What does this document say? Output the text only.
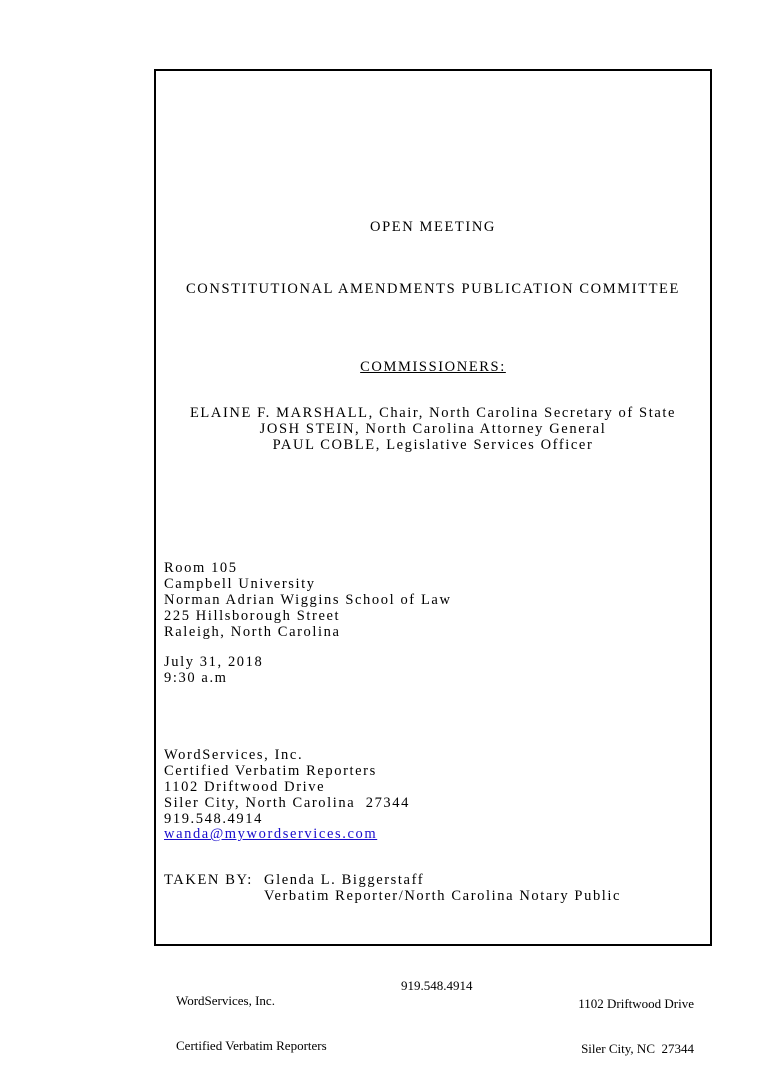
OPEN MEETING
CONSTITUTIONAL AMENDMENTS PUBLICATION COMMITTEE
COMMISSIONERS:
ELAINE F. MARSHALL, Chair, North Carolina Secretary of State
JOSH STEIN, North Carolina Attorney General
PAUL COBLE, Legislative Services Officer
Room 105
Campbell University
Norman Adrian Wiggins School of Law
225 Hillsborough Street
Raleigh, North Carolina
July 31, 2018
9:30 a.m
WordServices, Inc.
Certified Verbatim Reporters
1102 Driftwood Drive
Siler City, North Carolina  27344
919.548.4914
wanda@mywordservices.com
TAKEN BY: Glenda L. Biggerstaff
Verbatim Reporter/North Carolina Notary Public

WordServices, Inc.

Certified Verbatim Reporters

919.548.4914

1102 Driftwood Drive

Siler City, NC  27344
